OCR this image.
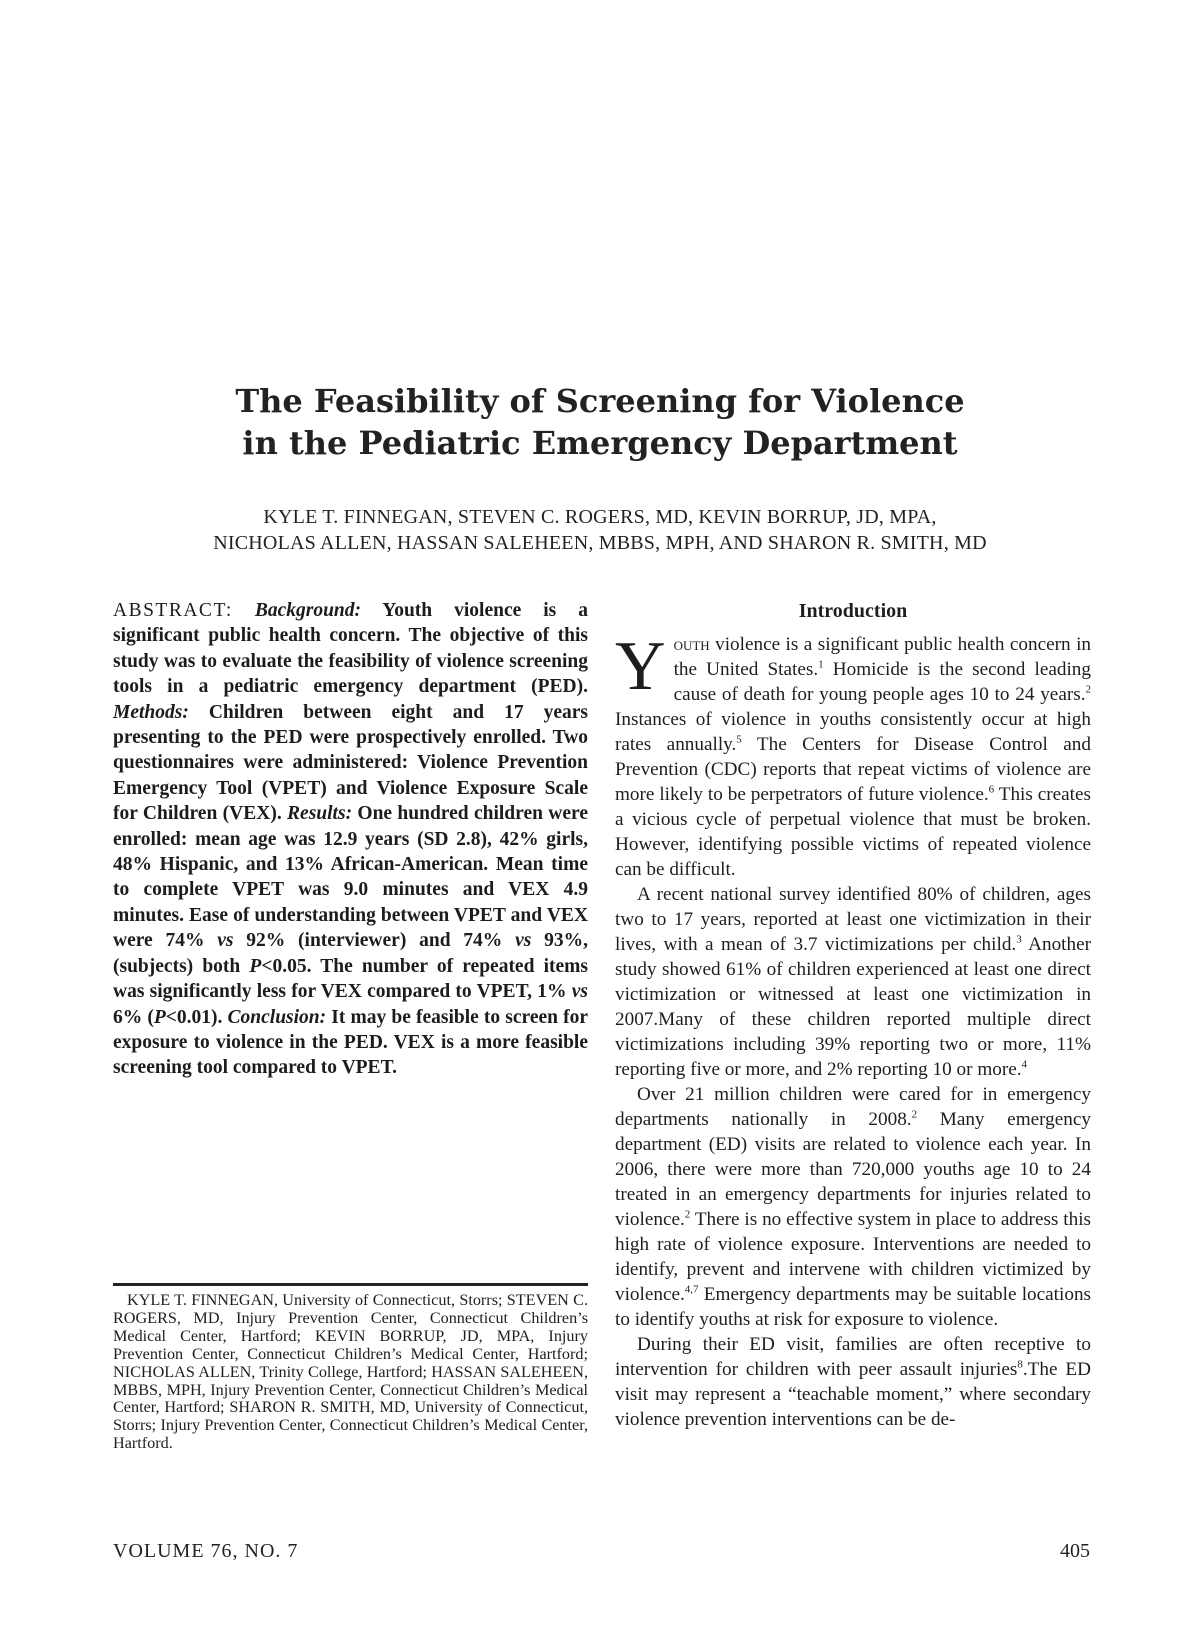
The Feasibility of Screening for Violence
in the Pediatric Emergency Department
KYLE T. FINNEGAN, STEVEN C. ROGERS, MD, KEVIN BORRUP, JD, MPA,
NICHOLAS ALLEN, HASSAN SALEHEEN, MBBS, MPH, AND SHARON R. SMITH, MD

ABSTRACT: Background: Youth violence is a significant public health concern. The objective of this study was to evaluate the feasibility of violence screening tools in a pediatric emergency department (PED). Methods: Children between eight and 17 years presenting to the PED were prospectively enrolled. Two questionnaires were administered: Violence Prevention Emergency Tool (VPET) and Violence Exposure Scale for Children (VEX). Results: One hundred children were enrolled: mean age was 12.9 years (SD 2.8), 42% girls, 48% Hispanic, and 13% African-American. Mean time to complete VPET was 9.0 minutes and VEX 4.9 minutes. Ease of understanding between VPET and VEX were 74% vs 92% (interviewer) and 74% vs 93%, (subjects) both P<0.05. The number of repeated items was significantly less for VEX compared to VPET, 1% vs 6% (P<0.01). Conclusion: It may be feasible to screen for exposure to violence in the PED. VEX is a more feasible screening tool compared to VPET.

KYLE T. FINNEGAN, University of Connecticut, Storrs; STEVEN C. ROGERS, MD, Injury Prevention Center, Connecticut Children’s Medical Center, Hartford; KEVIN BORRUP, JD, MPA, Injury Prevention Center, Connecticut Children’s Medical Center, Hartford; NICHOLAS ALLEN, Trinity College, Hartford; HASSAN SALEHEEN, MBBS, MPH, Injury Prevention Center, Connecticut Children’s Medical Center, Hartford; SHARON R. SMITH, MD, University of Connecticut, Storrs; Injury Prevention Center, Connecticut Children’s Medical Center, Hartford.

Introduction

Youth violence is a significant public health concern in the United States.$^1$ Homicide is the second leading cause of death for young people ages 10 to 24 years.$^2$ Instances of violence in youths consistently occur at high rates annually.$^5$ The Centers for Disease Control and Prevention (CDC) reports that repeat victims of violence are more likely to be perpetrators of future violence.$^6$ This creates a vicious cycle of perpetual violence that must be broken. However, identifying possible victims of repeated violence can be difficult.

A recent national survey identified 80% of children, ages two to 17 years, reported at least one victimization in their lives, with a mean of 3.7 victimizations per child.$^3$ Another study showed 61% of children experienced at least one direct victimization or witnessed at least one victimization in 2007.Many of these children reported multiple direct victimizations including 39% reporting two or more, 11% reporting five or more, and 2% reporting 10 or more.$^4$

Over 21 million children were cared for in emergency departments nationally in 2008.$^2$ Many emergency department (ED) visits are related to violence each year. In 2006, there were more than 720,000 youths age 10 to 24 treated in an emergency departments for injuries related to violence.$^2$ There is no effective system in place to address this high rate of violence exposure. Interventions are needed to identify, prevent and intervene with children victimized by violence.$^{4,7}$ Emergency departments may be suitable locations to identify youths at risk for exposure to violence.

During their ED visit, families are often receptive to intervention for children with peer assault injuries$^8$.The ED visit may represent a “teachable moment,” where secondary violence prevention interventions can be de-

VOLUME 76, NO. 7	405
